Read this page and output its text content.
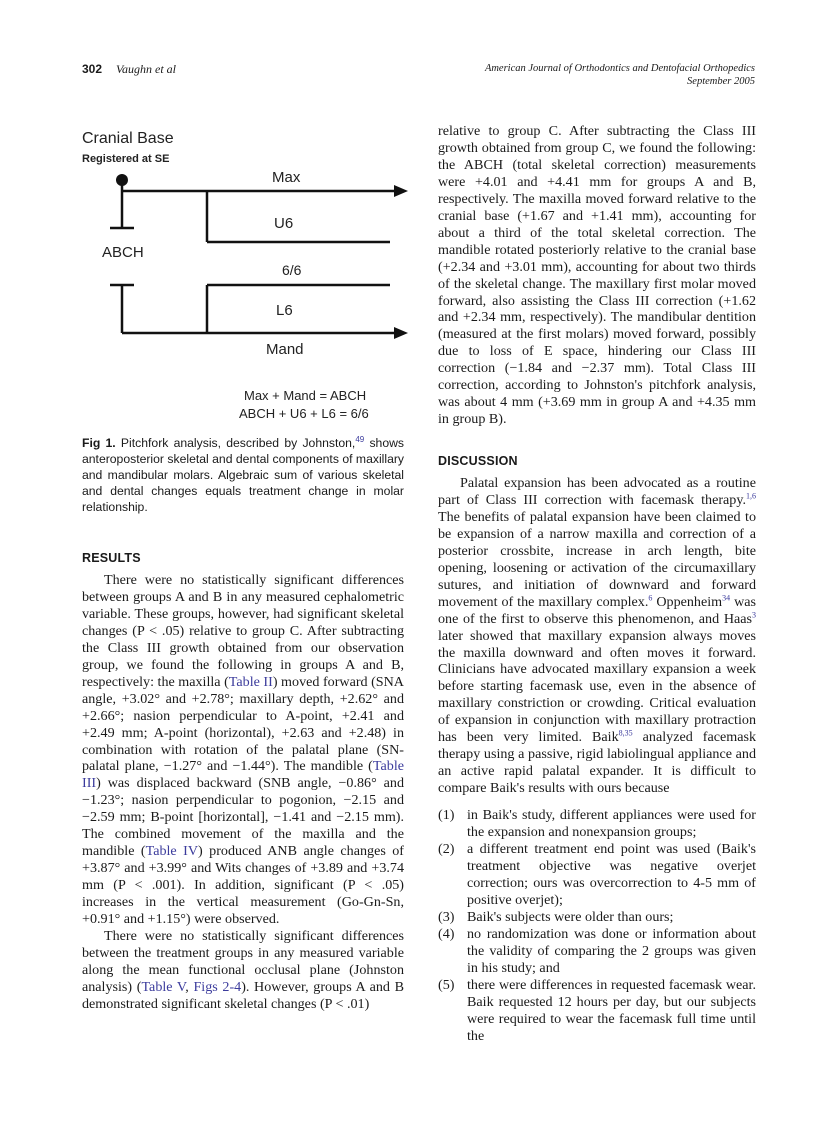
302 Vaughn et al	American Journal of Orthodontics and Dentofacial Orthopedics
September 2005
Cranial Base
Registered at SE
Max
U6
ABCH
6/6
L6
Mand
Max + Mand = ABCH
ABCH + U6 + L6 = 6/6
Fig 1. Pitchfork analysis, described by Johnston,$^{49}$ shows anteroposterior skeletal and dental components of maxillary and mandibular molars. Algebraic sum of various skeletal and dental changes equals treatment change in molar relationship.
RESULTS

There were no statistically significant differences between groups A and B in any measured cephalometric variable. These groups, however, had significant skeletal changes (P < .05) relative to group C. After subtracting the Class III growth obtained from our observation group, we found the following in groups A and B, respectively: the maxilla (Table II) moved forward (SNA angle, +3.02° and +2.78°; maxillary depth, +2.62° and +2.66°; nasion perpendicular to A-point, +2.41 and +2.49 mm; A-point (horizontal), +2.63 and +2.48) in combination with rotation of the palatal plane (SN-palatal plane, −1.27° and −1.44°). The mandible (Table III) was displaced backward (SNB angle, −0.86° and −1.23°; nasion perpendicular to pogonion, −2.15 and −2.59 mm; B-point [horizontal], −1.41 and −2.15 mm). The combined movement of the maxilla and the mandible (Table IV) produced ANB angle changes of +3.87° and +3.99° and Wits changes of +3.89 and +3.74 mm (P < .001). In addition, significant (P < .05) increases in the vertical measurement (Go-Gn-Sn, +0.91° and +1.15°) were observed.

There were no statistically significant differences between the treatment groups in any measured variable along the mean functional occlusal plane (Johnston analysis) (Table V, Figs 2-4). However, groups A and B demonstrated significant skeletal changes (P < .01)

relative to group C. After subtracting the Class III growth obtained from group C, we found the following: the ABCH (total skeletal correction) measurements were +4.01 and +4.41 mm for groups A and B, respectively. The maxilla moved forward relative to the cranial base (+1.67 and +1.41 mm), accounting for about a third of the total skeletal correction. The mandible rotated posteriorly relative to the cranial base (+2.34 and +3.01 mm), accounting for about two thirds of the skeletal change. The maxillary first molar moved forward, also assisting the Class III correction (+1.62 and +2.34 mm, respectively). The mandibular dentition (measured at the first molars) moved forward, possibly due to loss of E space, hindering our Class III correction (−1.84 and −2.37 mm). Total Class III correction, according to Johnston's pitchfork analysis, was about 4 mm (+3.69 mm in group A and +4.35 mm in group B).

DISCUSSION

Palatal expansion has been advocated as a routine part of Class III correction with facemask therapy.$^{1,6}$ The benefits of palatal expansion have been claimed to be expansion of a narrow maxilla and correction of a posterior crossbite, increase in arch length, bite opening, loosening or activation of the circumaxillary sutures, and initiation of downward and forward movement of the maxillary complex.$^6$ Oppenheim$^{34}$ was one of the first to observe this phenomenon, and Haas$^3$ later showed that maxillary expansion always moves the maxilla downward and often moves it forward. Clinicians have advocated maxillary expansion a week before starting facemask use, even in the absence of maxillary constriction or crowding. Critical evaluation of expansion in conjunction with maxillary protraction has been very limited. Baik$^{8,35}$ analyzed facemask therapy using a passive, rigid labiolingual appliance and an active rapid palatal expander. It is difficult to compare Baik's results with ours because

(1) in Baik's study, different appliances were used for the expansion and nonexpansion groups;
(2) a different treatment end point was used (Baik's treatment objective was negative overjet correction; ours was overcorrection to 4-5 mm of positive overjet);
(3) Baik's subjects were older than ours;
(4) no randomization was done or information about the validity of comparing the 2 groups was given in his study; and
(5) there were differences in requested facemask wear. Baik requested 12 hours per day, but our subjects were required to wear the facemask full time until the
